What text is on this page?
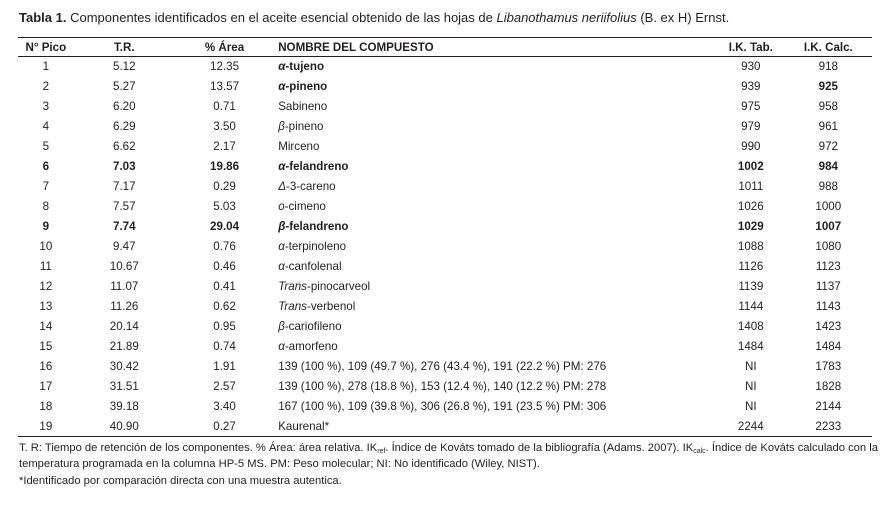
Tabla 1. Componentes identificados en el aceite esencial obtenido de las hojas de Libanothamus neriifolius (B. ex H) Ernst.
N° Pico	T.R.	% Área	NOMBRE DEL COMPUESTO	I.K. Tab.	I.K. Calc.
1	5.12	12.35	α-tujeno	930	918
2	5.27	13.57	α-pineno	939	925
3	6.20	0.71	Sabineno	975	958
4	6.29	3.50	β-pineno	979	961
5	6.62	2.17	Mirceno	990	972
6	7.03	19.86	α-felandreno	1002	984
7	7.17	0.29	Δ-3-careno	1011	988
8	7.57	5.03	o-cimeno	1026	1000
9	7.74	29.04	β-felandreno	1029	1007
10	9.47	0.76	α-terpinoleno	1088	1080
11	10.67	0.46	α-canfolenal	1126	1123
12	11.07	0.41	Trans-pinocarveol	1139	1137
13	11.26	0.62	Trans-verbenol	1144	1143
14	20.14	0.95	β-cariofileno	1408	1423
15	21.89	0.74	α-amorfeno	1484	1484
16	30.42	1.91	139 (100 %), 109 (49.7 %), 276 (43.4 %), 191 (22.2 %) PM: 276	NI	1783
17	31.51	2.57	139 (100 %), 278 (18.8 %), 153 (12.4 %), 140 (12.2 %) PM: 278	NI	1828
18	39.18	3.40	167 (100 %), 109 (39.8 %), 306 (26.8 %), 191 (23.5 %) PM: 306	NI	2144
19	40.90	0.27	Kaurenal*	2244	2233
T. R: Tiempo de retención de los componentes. % Área: área relativa. $IK_{ref}$. Índice de Kováts tomado de la bibliografía (Adams. 2007). $IK_{calc}$. Índice de Kováts calculado con la temperatura programada en la columna HP-5 MS. PM: Peso molecular; NI: No identificado (Wiley, NIST).
*Identificado por comparación directa con una muestra autentica.
